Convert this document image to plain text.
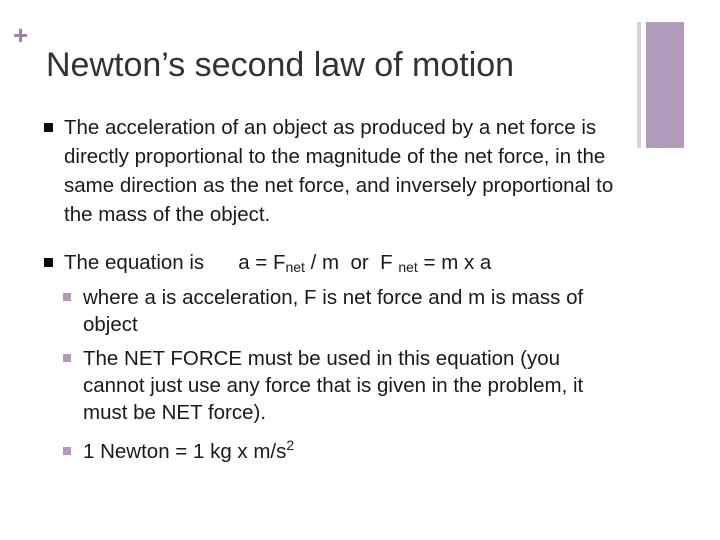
+
Newton’s second law of motion
The acceleration of an object as produced by a net force is directly proportional to the magnitude of the net force, in the same direction as the net force, and inversely proportional to the mass of the object.
The equation is $a = F_{net} / m$  or  F $_{net}$ = m x a
where a is acceleration, F is net force and m is mass of object
The NET FORCE must be used in this equation (you cannot just use any force that is given in the problem, it must be NET force).
1 Newton = 1 kg x $m/s^2$
